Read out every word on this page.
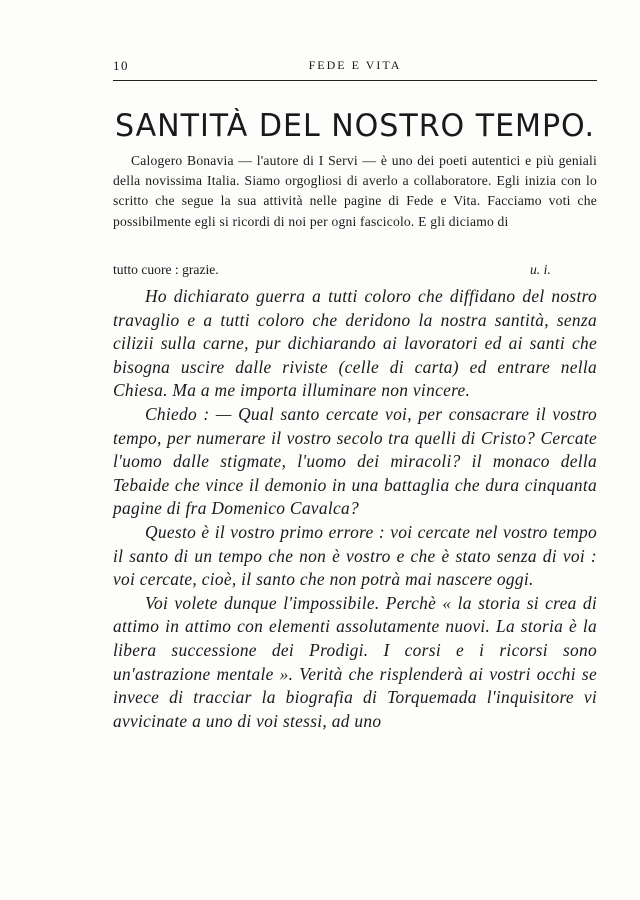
10	FEDE E VITA
SANTITÀ DEL NOSTRO TEMPO.

Calogero Bonavia — l'autore di I Servi — è uno dei poeti autentici e più geniali della novissima Italia. Siamo orgogliosi di averlo a collaboratore. Egli inizia con lo scritto che segue la sua attività nelle pagine di Fede e Vita. Facciamo voti che possibilmente egli si ricordi di noi per ogni fascicolo. E gli diciamo di

tutto cuore : grazie.	u. i.

Ho dichiarato guerra a tutti coloro che diffidano del nostro travaglio e a tutti coloro che deridono la nostra santità, senza cilizii sulla carne, pur dichiarando ai lavoratori ed ai santi che bisogna uscire dalle riviste (celle di carta) ed entrare nella Chiesa. Ma a me importa illuminare non vincere.

Chiedo : — Qual santo cercate voi, per consacrare il vostro tempo, per numerare il vostro secolo tra quelli di Cristo? Cercate l'uomo dalle stigmate, l'uomo dei miracoli? il monaco della Tebaide che vince il demonio in una battaglia che dura cinquanta pagine di fra Domenico Cavalca?

Questo è il vostro primo errore : voi cercate nel vostro tempo il santo di un tempo che non è vostro e che è stato senza di voi : voi cercate, cioè, il santo che non potrà mai nascere oggi.

Voi volete dunque l'impossibile. Perchè « la storia si crea di attimo in attimo con elementi assolutamente nuovi. La storia è la libera successione dei Prodigi. I corsi e i ricorsi sono un'astrazione mentale ». Verità che risplenderà ai vostri occhi se invece di tracciar la biografia di Torquemada l'inquisitore vi avvicinate a uno di voi stessi, ad uno
